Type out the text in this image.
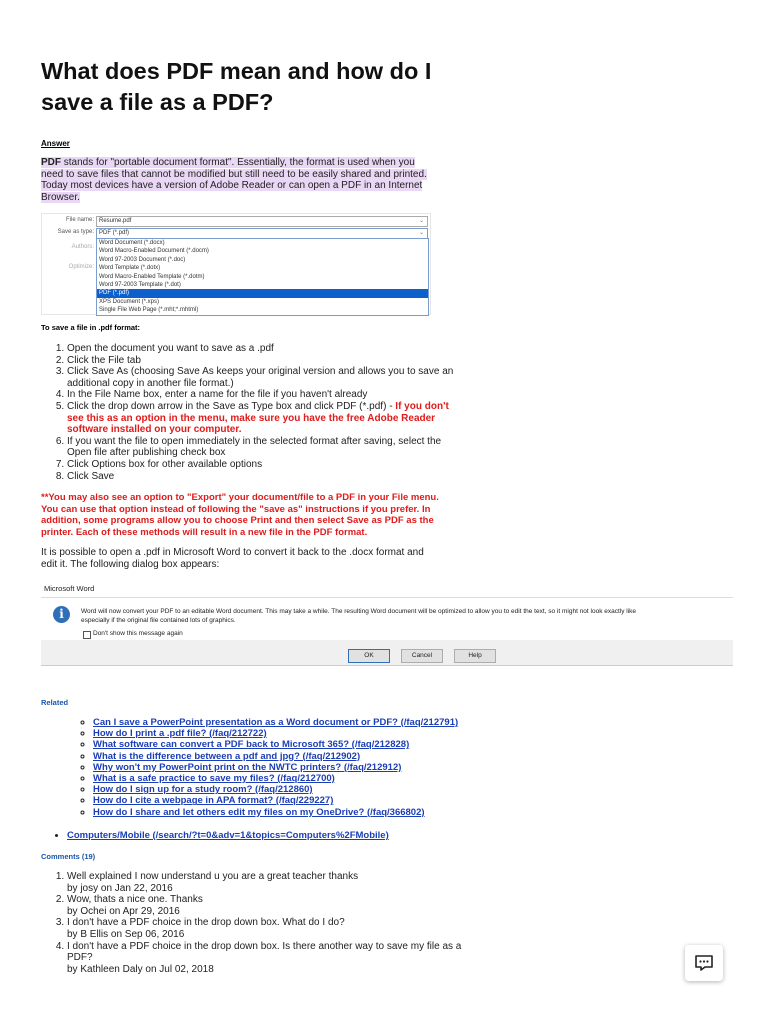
What does PDF mean and how do I save a file as a PDF?
Answer
PDF stands for "portable document format". Essentially, the format is used when you need to save files that cannot be modified but still need to be easily shared and printed. Today most devices have a version of Adobe Reader or can open a PDF in an Internet Browser.
File name: Resume.pdf	⌄
Save as type: PDF (*.pdf)	⌄
Authors:
Optimize:
Word Document (*.docx)
Word Macro-Enabled Document (*.docm)
Word 97-2003 Document (*.doc)
Word Template (*.dotx)
Word Macro-Enabled Template (*.dotm)
Word 97-2003 Template (*.dot)
PDF (*.pdf)
XPS Document (*.xps)
Single File Web Page (*.mht;*.mhtml)
To save a file in .pdf format:
1. Open the document you want to save as a .pdf
2. Click the File tab
3. Click Save As (choosing Save As keeps your original version and allows you to save an additional copy in another file format.)
4. In the File Name box, enter a name for the file if you haven't already
5. Click the drop down arrow in the Save as Type box and click PDF (*.pdf) - If you don't see this as an option in the menu, make sure you have the free Adobe Reader software installed on your computer.
6. If you want the file to open immediately in the selected format after saving, select the Open file after publishing check box
7. Click Options box for other available options
8. Click Save
**You may also see an option to "Export" your document/file to a PDF in your File menu. You can use that option instead of following the "save as" instructions if you prefer. In addition, some programs allow you to choose Print and then select Save as PDF as the printer. Each of these methods will result in a new file in the PDF format.
It is possible to open a .pdf in Microsoft Word to convert it back to the .docx format and edit it. The following dialog box appears:
Microsoft Word
i	Word will now convert your PDF to an editable Word document. This may take a while. The resulting Word document will be optimized to allow you to edit the text, so it might not look exactly like
especially if the original file contained lots of graphics.
Don't show this message again
OK	Cancel	Help
Related
◦ Can I save a PowerPoint presentation as a Word document or PDF? (/faq/212791)
◦ How do I print a .pdf file? (/faq/212722)
◦ What software can convert a PDF back to Microsoft 365? (/faq/212828)
◦ What is the difference between a pdf and jpg? (/faq/212902)
◦ Why won't my PowerPoint print on the NWTC printers? (/faq/212912)
◦ What is a safe practice to save my files? (/faq/212700)
◦ How do I sign up for a study room? (/faq/212860)
◦ How do I cite a webpage in APA format? (/faq/229227)
◦ How do I share and let others edit my files on my OneDrive? (/faq/366802)
• Computers/Mobile (/search/?t=0&adv=1&topics=Computers%2FMobile)
Comments (19)
1. Well explained I now understand u you are a great teacher thanks
by josy on Jan 22, 2016
2. Wow, thats a nice one. Thanks
by Ochei on Apr 29, 2016
3. I don't have a PDF choice in the drop down box. What do I do?
by B Ellis on Sep 06, 2016
4. I don't have a PDF choice in the drop down box. Is there another way to save my file as a PDF?
by Kathleen Daly on Jul 02, 2018
